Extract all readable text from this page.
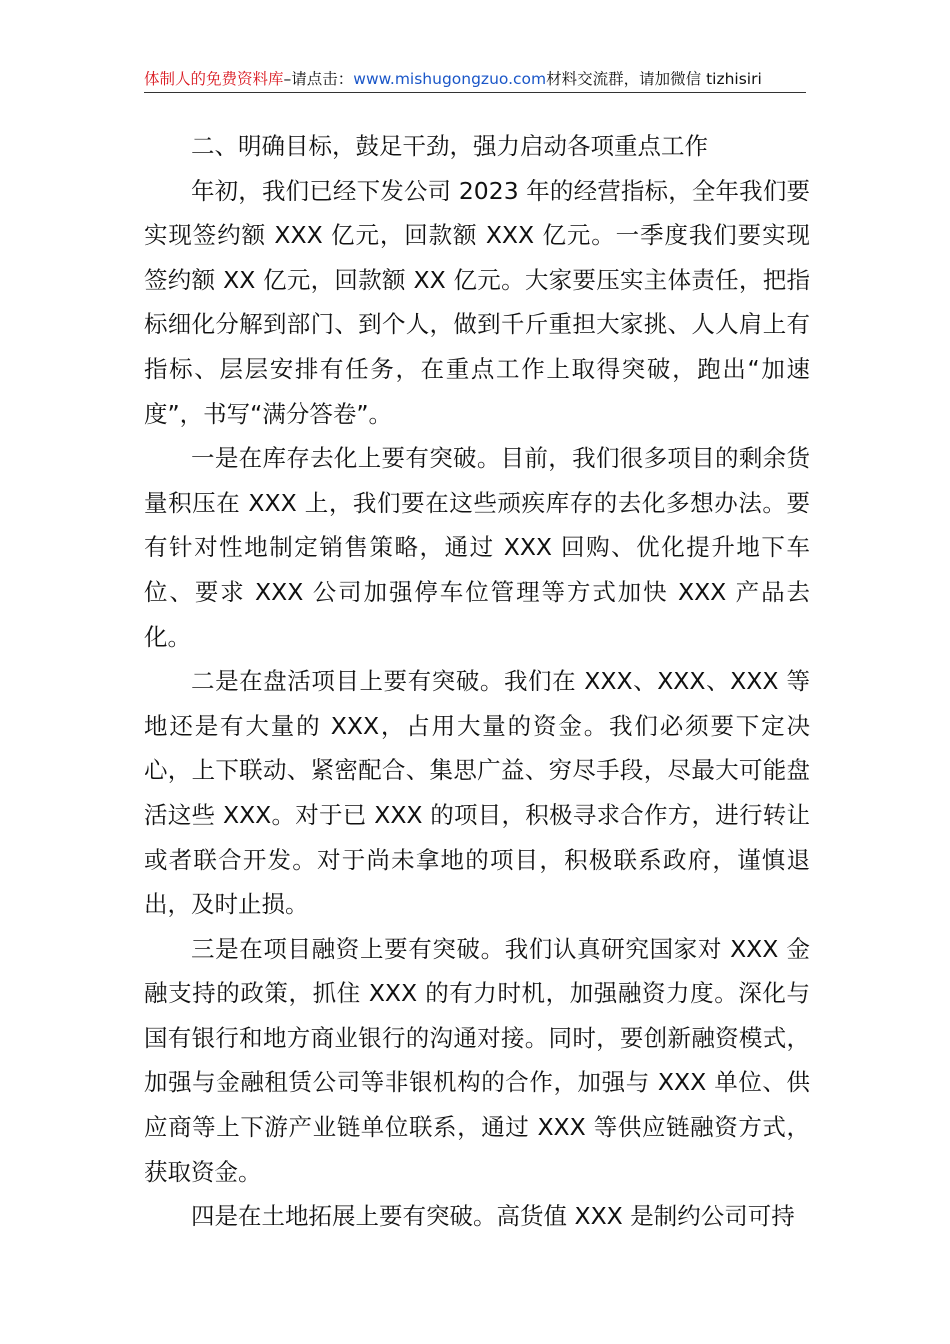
体制人的免费资料库–请点击：www.mishugongzuo.com材料交流群，请加微信 tizhisiri

二、明确目标，鼓足干劲，强力启动各项重点工作

年初，我们已经下发公司 2023 年的经营指标，全年我们要实现签约额 XXX 亿元，回款额 XXX 亿元。一季度我们要实现签约额 XX 亿元，回款额 XX 亿元。大家要压实主体责任，把指标细化分解到部门、到个人，做到千斤重担大家挑、人人肩上有指标、层层安排有任务，在重点工作上取得突破，跑出“加速度”，书写“满分答卷”。

一是在库存去化上要有突破。目前，我们很多项目的剩余货量积压在 XXX 上，我们要在这些顽疾库存的去化多想办法。要有针对性地制定销售策略，通过 XXX 回购、优化提升地下车位、要求 XXX 公司加强停车位管理等方式加快 XXX 产品去化。

二是在盘活项目上要有突破。我们在 XXX、XXX、XXX 等地还是有大量的 XXX，占用大量的资金。我们必须要下定决心，上下联动、紧密配合、集思广益、穷尽手段，尽最大可能盘活这些 XXX。对于已 XXX 的项目，积极寻求合作方，进行转让或者联合开发。对于尚未拿地的项目，积极联系政府，谨慎退出，及时止损。

三是在项目融资上要有突破。我们认真研究国家对 XXX 金融支持的政策，抓住 XXX 的有力时机，加强融资力度。深化与国有银行和地方商业银行的沟通对接。同时，要创新融资模式，加强与金融租赁公司等非银机构的合作，加强与 XXX 单位、供应商等上下游产业链单位联系，通过 XXX 等供应链融资方式，获取资金。

四是在土地拓展上要有突破。高货值 XXX 是制约公司可持
